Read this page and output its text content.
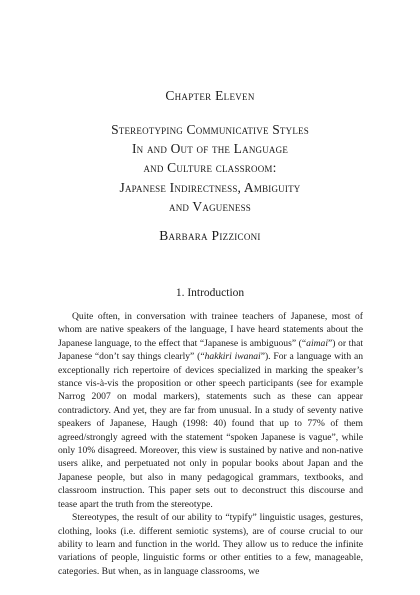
Chapter Eleven
Stereotyping Communicative Styles
In and Out of the Language
and Culture classroom:
Japanese Indirectness, Ambiguity
and Vagueness
Barbara Pizziconi
1. Introduction

Quite often, in conversation with trainee teachers of Japanese, most of whom are native speakers of the language, I have heard statements about the Japanese language, to the effect that “Japanese is ambiguous” (“aimai”) or that Japanese “don’t say things clearly” (“hakkiri iwanai”). For a language with an exceptionally rich repertoire of devices specialized in marking the speaker’s stance vis-à-vis the proposition or other speech participants (see for example Narrog 2007 on modal markers), statements such as these can appear contradictory. And yet, they are far from unusual. In a study of seventy native speakers of Japanese, Haugh (1998: 40) found that up to 77% of them agreed/strongly agreed with the statement “spoken Japanese is vague”, while only 10% disagreed. Moreover, this view is sustained by native and non-native users alike, and perpetuated not only in popular books about Japan and the Japanese people, but also in many pedagogical grammars, textbooks, and classroom instruction. This paper sets out to deconstruct this discourse and tease apart the truth from the stereotype.

Stereotypes, the result of our ability to “typify” linguistic usages, gestures, clothing, looks (i.e. different semiotic systems), are of course crucial to our ability to learn and function in the world. They allow us to reduce the infinite variations of people, linguistic forms or other entities to a few, manageable, categories. But when, as in language classrooms, we
